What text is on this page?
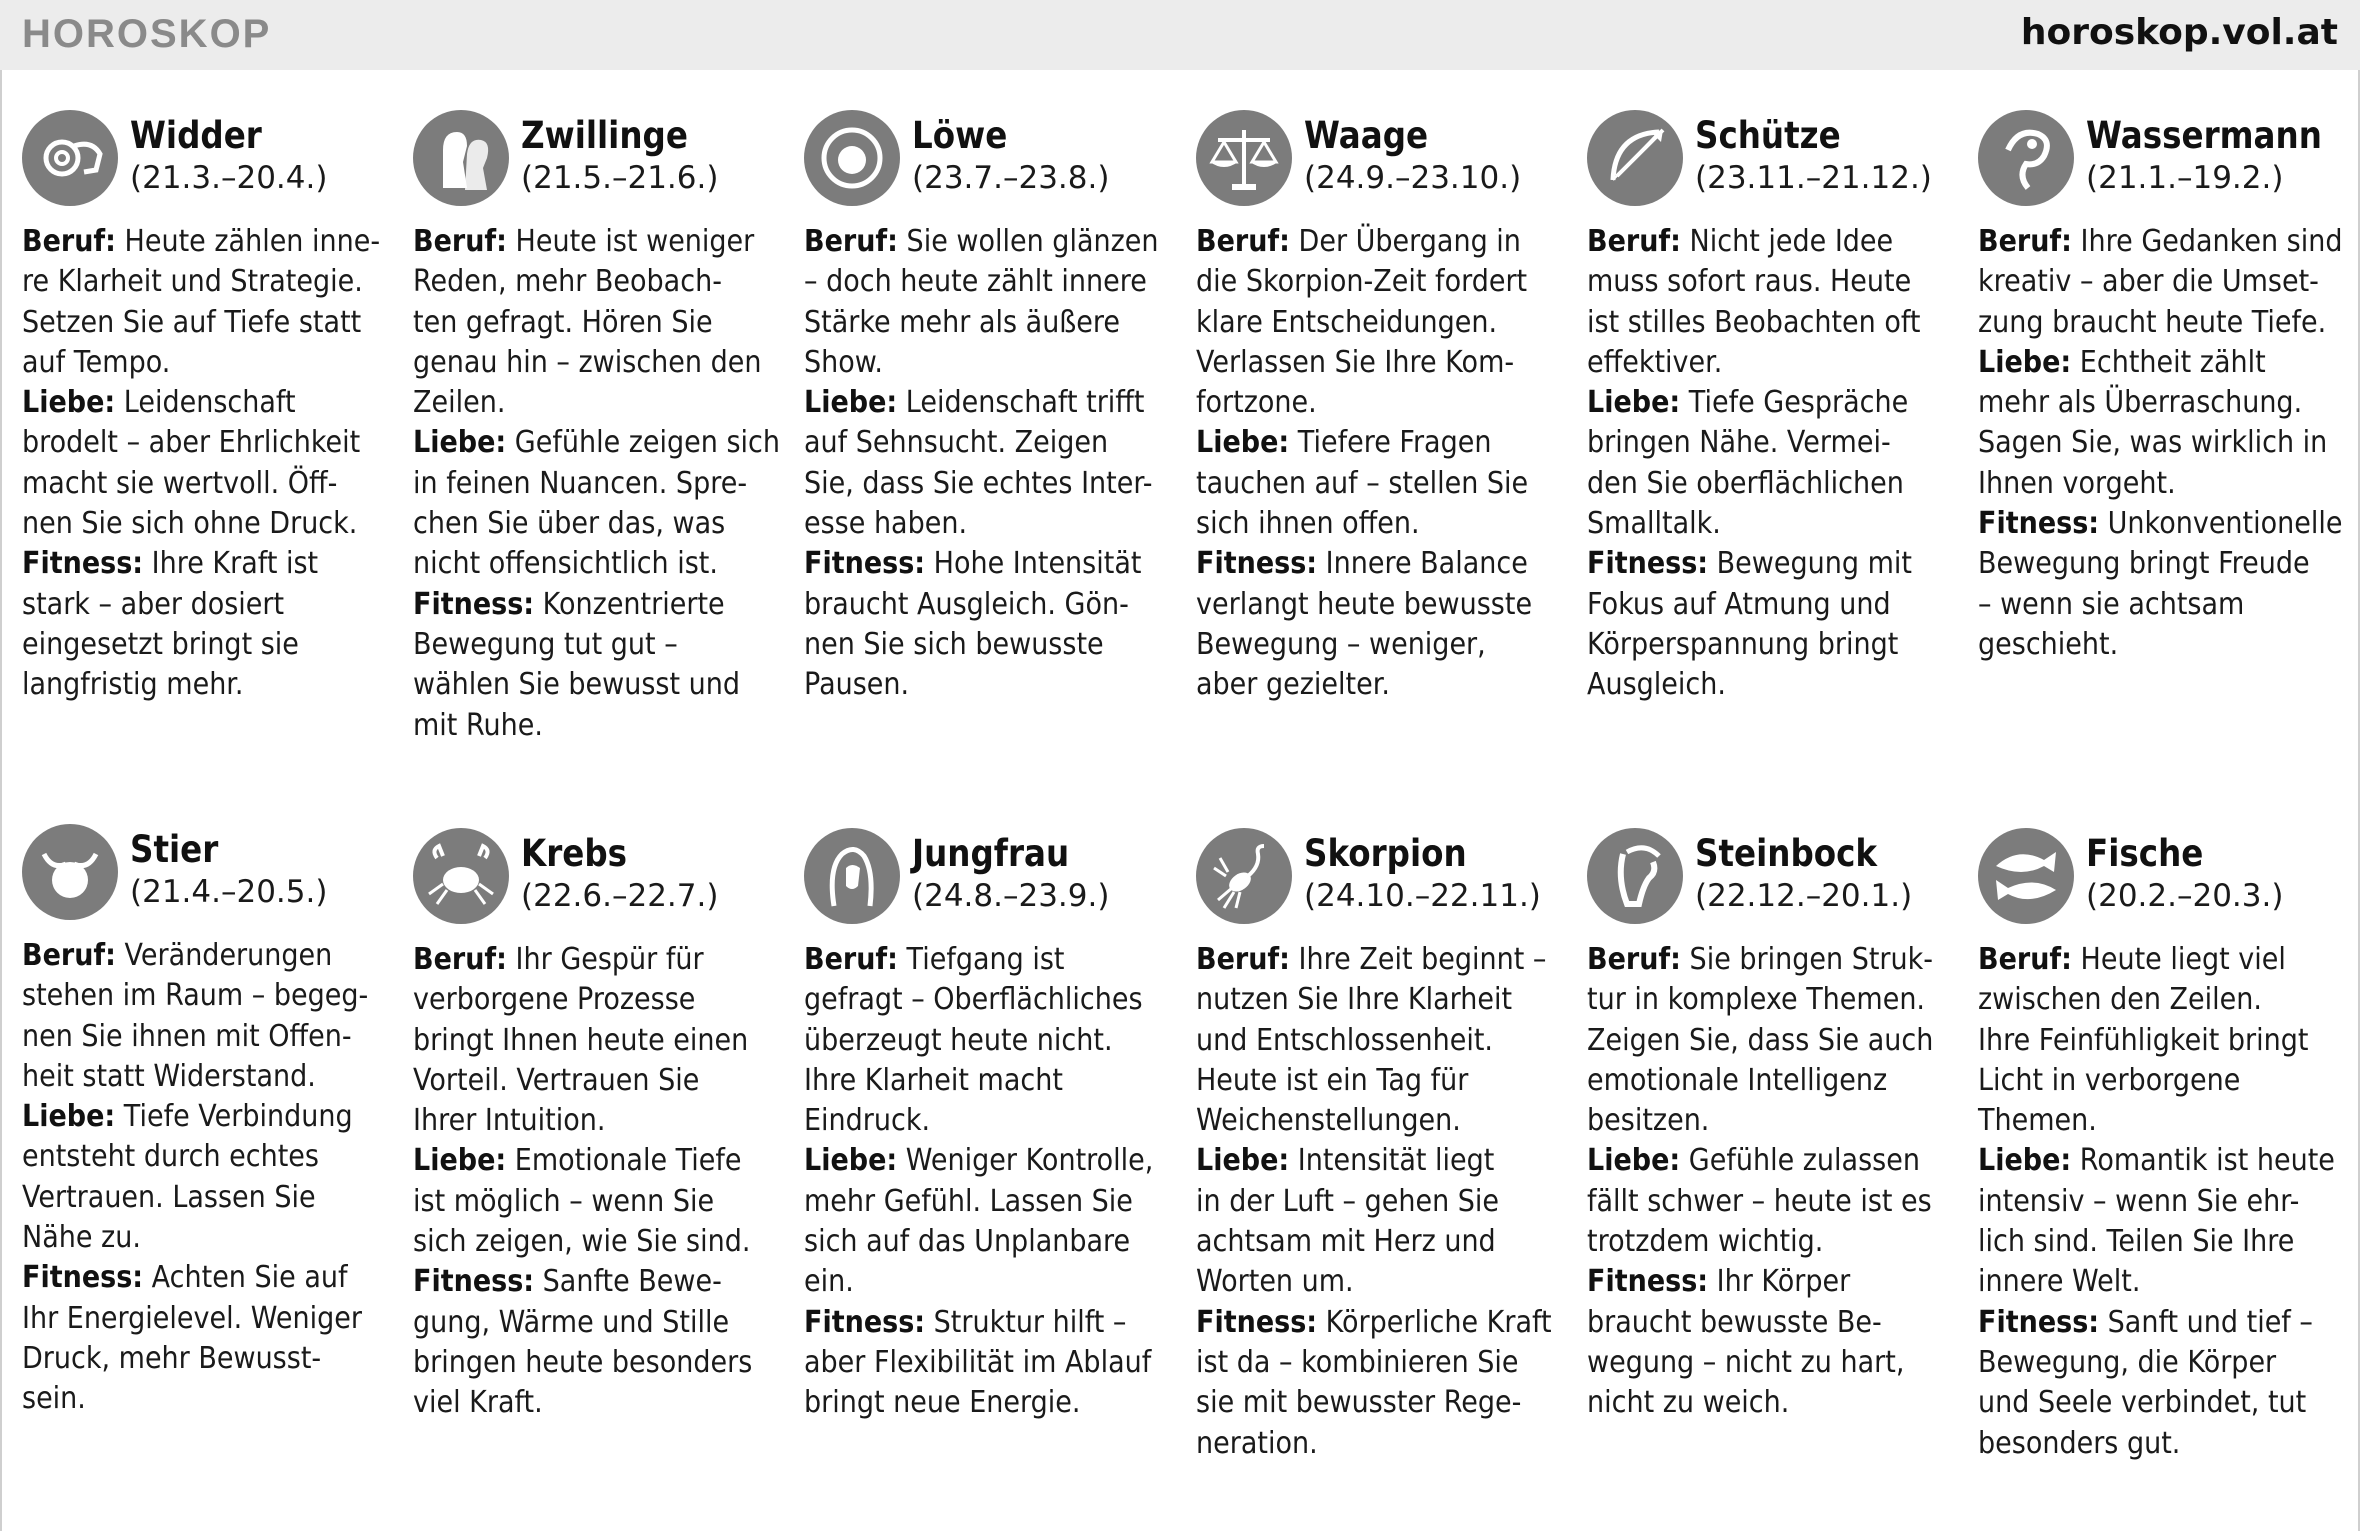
HOROSKOP	horoskop.vol.at
Widder
(21.3.–20.4.)
Beruf: Heute zählen inne-
re Klarheit und Strategie.
Setzen Sie auf Tiefe statt
auf Tempo.
Liebe: Leidenschaft
brodelt – aber Ehrlichkeit
macht sie wertvoll. Öff-
nen Sie sich ohne Druck.
Fitness: Ihre Kraft ist
stark – aber dosiert
eingesetzt bringt sie
langfristig mehr.
Zwillinge
(21.5.–21.6.)
Beruf: Heute ist weniger
Reden, mehr Beobach-
ten gefragt. Hören Sie
genau hin – zwischen den
Zeilen.
Liebe: Gefühle zeigen sich
in feinen Nuancen. Spre-
chen Sie über das, was
nicht offensichtlich ist.
Fitness: Konzentrierte
Bewegung tut gut –
wählen Sie bewusst und
mit Ruhe.
Löwe
(23.7.–23.8.)
Beruf: Sie wollen glänzen
– doch heute zählt innere
Stärke mehr als äußere
Show.
Liebe: Leidenschaft trifft
auf Sehnsucht. Zeigen
Sie, dass Sie echtes Inter-
esse haben.
Fitness: Hohe Intensität
braucht Ausgleich. Gön-
nen Sie sich bewusste
Pausen.
Waage
(24.9.–23.10.)
Beruf: Der Übergang in
die Skorpion-Zeit fordert
klare Entscheidungen.
Verlassen Sie Ihre Kom-
fortzone.
Liebe: Tiefere Fragen
tauchen auf – stellen Sie
sich ihnen offen.
Fitness: Innere Balance
verlangt heute bewusste
Bewegung – weniger,
aber gezielter.
Schütze
(23.11.–21.12.)
Beruf: Nicht jede Idee
muss sofort raus. Heute
ist stilles Beobachten oft
effektiver.
Liebe: Tiefe Gespräche
bringen Nähe. Vermei-
den Sie oberflächlichen
Smalltalk.
Fitness: Bewegung mit
Fokus auf Atmung und
Körperspannung bringt
Ausgleich.
Wassermann
(21.1.–19.2.)
Beruf: Ihre Gedanken sind
kreativ – aber die Umset-
zung braucht heute Tiefe.
Liebe: Echtheit zählt
mehr als Überraschung.
Sagen Sie, was wirklich in
Ihnen vorgeht.
Fitness: Unkonventionelle
Bewegung bringt Freude
– wenn sie achtsam
geschieht.
Stier
(21.4.–20.5.)
Beruf: Veränderungen
stehen im Raum – begeg-
nen Sie ihnen mit Offen-
heit statt Widerstand.
Liebe: Tiefe Verbindung
entsteht durch echtes
Vertrauen. Lassen Sie
Nähe zu.
Fitness: Achten Sie auf
Ihr Energielevel. Weniger
Druck, mehr Bewusst-
sein.
Krebs
(22.6.–22.7.)
Beruf: Ihr Gespür für
verborgene Prozesse
bringt Ihnen heute einen
Vorteil. Vertrauen Sie
Ihrer Intuition.
Liebe: Emotionale Tiefe
ist möglich – wenn Sie
sich zeigen, wie Sie sind.
Fitness: Sanfte Bewe-
gung, Wärme und Stille
bringen heute besonders
viel Kraft.
Jungfrau
(24.8.–23.9.)
Beruf: Tiefgang ist
gefragt – Oberflächliches
überzeugt heute nicht.
Ihre Klarheit macht
Eindruck.
Liebe: Weniger Kontrolle,
mehr Gefühl. Lassen Sie
sich auf das Unplanbare
ein.
Fitness: Struktur hilft –
aber Flexibilität im Ablauf
bringt neue Energie.
Skorpion
(24.10.–22.11.)
Beruf: Ihre Zeit beginnt –
nutzen Sie Ihre Klarheit
und Entschlossenheit.
Heute ist ein Tag für
Weichenstellungen.
Liebe: Intensität liegt
in der Luft – gehen Sie
achtsam mit Herz und
Worten um.
Fitness: Körperliche Kraft
ist da – kombinieren Sie
sie mit bewusster Rege-
neration.
Steinbock
(22.12.–20.1.)
Beruf: Sie bringen Struk-
tur in komplexe Themen.
Zeigen Sie, dass Sie auch
emotionale Intelligenz
besitzen.
Liebe: Gefühle zulassen
fällt schwer – heute ist es
trotzdem wichtig.
Fitness: Ihr Körper
braucht bewusste Be-
wegung – nicht zu hart,
nicht zu weich.
Fische
(20.2.–20.3.)
Beruf: Heute liegt viel
zwischen den Zeilen.
Ihre Feinfühligkeit bringt
Licht in verborgene
Themen.
Liebe: Romantik ist heute
intensiv – wenn Sie ehr-
lich sind. Teilen Sie Ihre
innere Welt.
Fitness: Sanft und tief –
Bewegung, die Körper
und Seele verbindet, tut
besonders gut.
